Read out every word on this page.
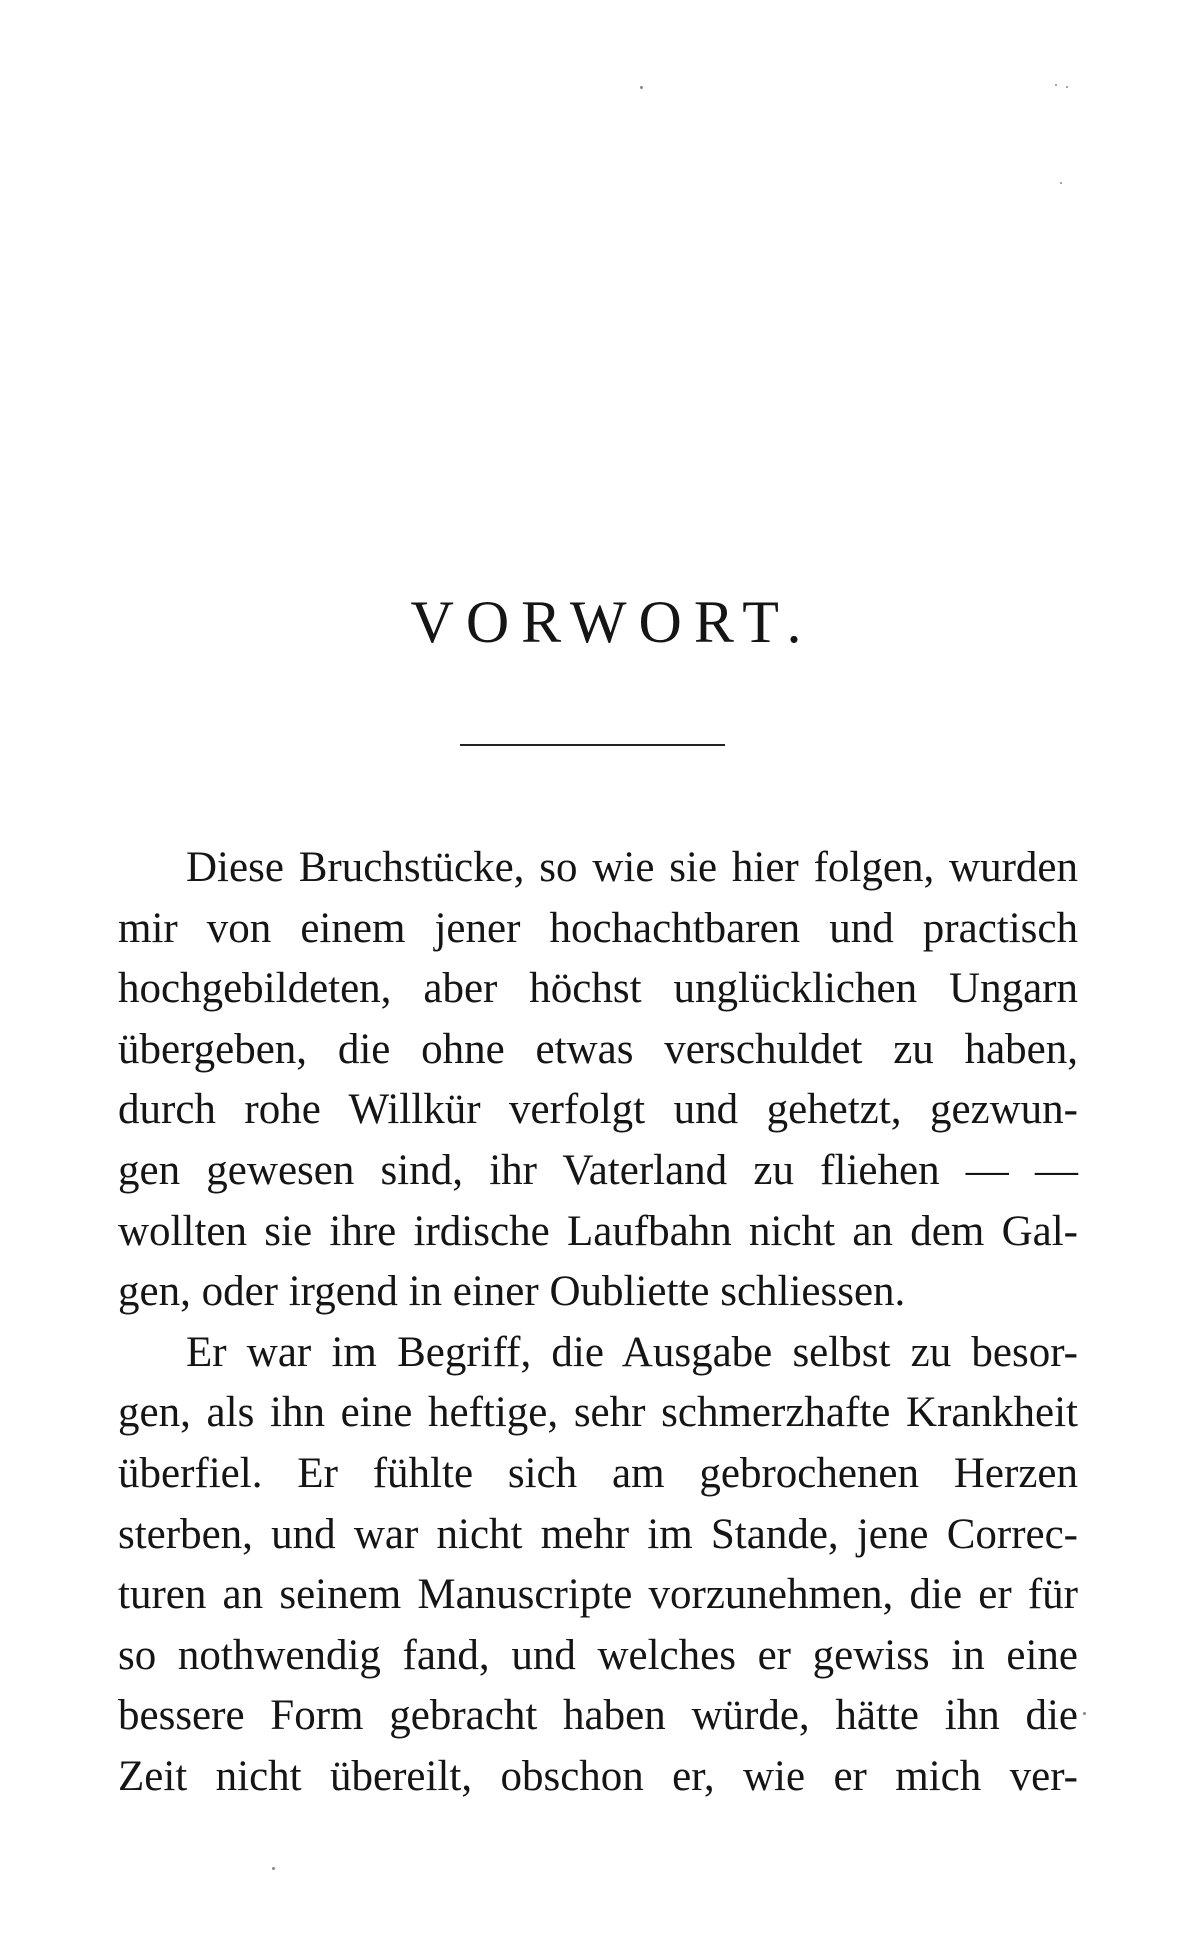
VORWORT.
Diese Bruchstücke, so wie sie hier folgen, wurden
mir von einem jener hochachtbaren und practisch
hochgebildeten, aber höchst unglücklichen Ungarn
übergeben, die ohne etwas verschuldet zu haben,
durch rohe Willkür verfolgt und gehetzt, gezwun-
gen gewesen sind, ihr Vaterland zu fliehen — —
wollten sie ihre irdische Laufbahn nicht an dem Gal-
gen, oder irgend in einer Oubliette schliessen.
Er war im Begriff, die Ausgabe selbst zu besor-
gen, als ihn eine heftige, sehr schmerzhafte Krankheit
überfiel. Er fühlte sich am gebrochenen Herzen
sterben, und war nicht mehr im Stande, jene Correc-
turen an seinem Manuscripte vorzunehmen, die er für
so nothwendig fand, und welches er gewiss in eine
bessere Form gebracht haben würde, hätte ihn die
Zeit nicht übereilt, obschon er, wie er mich ver-
